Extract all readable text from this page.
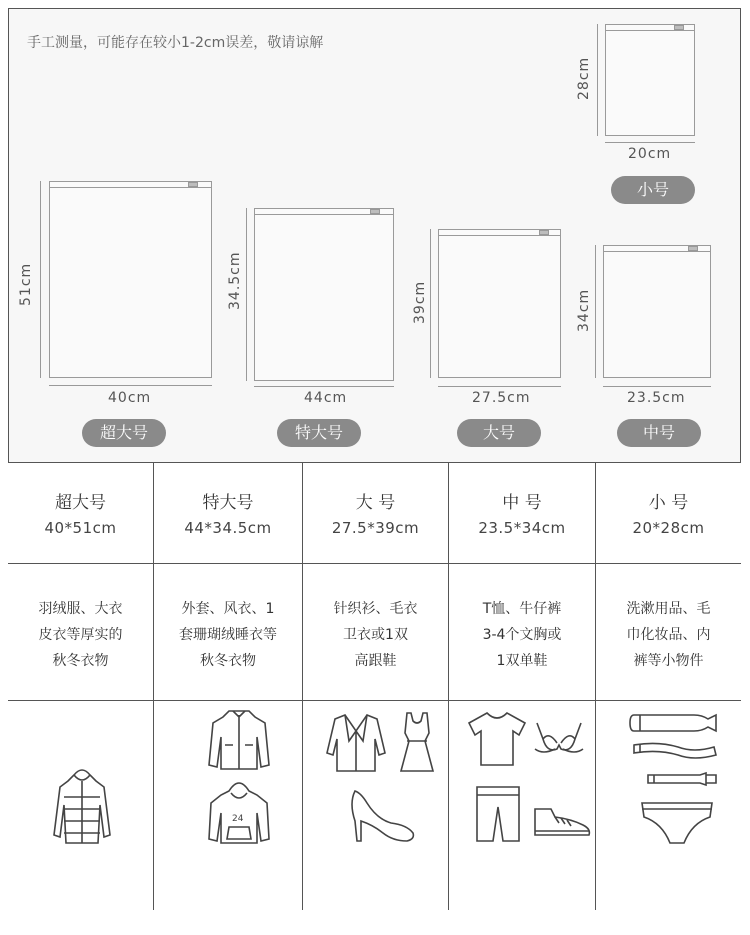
手工测量，可能存在较小1-2cm误差，敬请谅解
51cm
40cm
超大号
34.5cm
44cm
特大号
39cm
27.5cm
大号
34cm
23.5cm
中号
28cm
20cm
小号
超大号
40*51cm
特大号
44*34.5cm
大 号
27.5*39cm
中 号
23.5*34cm
小 号
20*28cm
羽绒服、大衣
皮衣等厚实的
秋冬衣物
外套、风衣、1
套珊瑚绒睡衣等
秋冬衣物
针织衫、毛衣
卫衣或1双
高跟鞋
T恤、牛仔裤
3-4个文胸或
1双单鞋
洗漱用品、毛
巾化妆品、内
裤等小物件
24
